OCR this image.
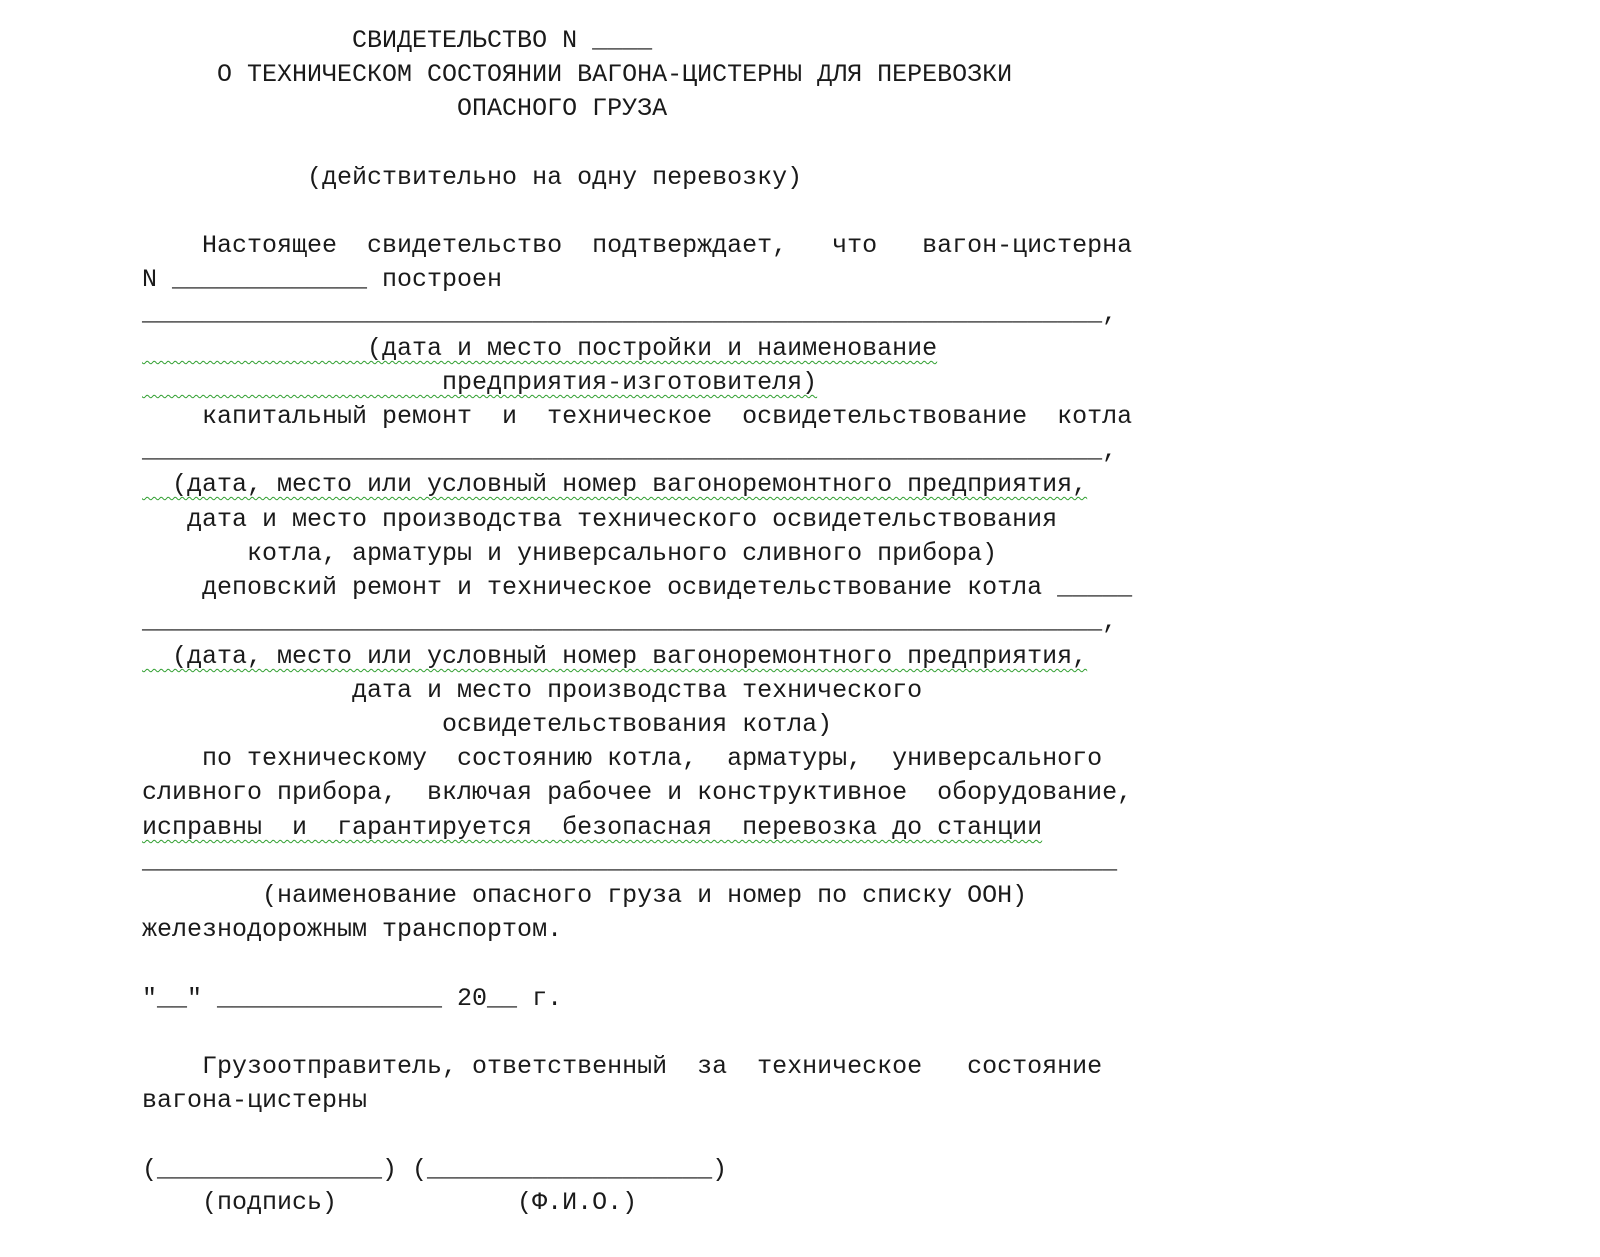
СВИДЕТЕЛЬСТВО N ____

О ТЕХНИЧЕСКОМ СОСТОЯНИИ ВАГОНА-ЦИСТЕРНЫ ДЛЯ ПЕРЕВОЗКИ

ОПАСНОГО ГРУЗА

(действительно на одну перевозку)

Настоящее  свидетельство  подтверждает,   что   вагон-цистерна

N _____________ построен

________________________________________________________________,

(дата и место постройки и наименование

предприятия-изготовителя)

капитальный ремонт  и  техническое  освидетельствование  котла

________________________________________________________________,

(дата, место или условный номер вагоноремонтного предприятия,

дата и место производства технического освидетельствования

котла, арматуры и универсального сливного прибора)

деповский ремонт и техническое освидетельствование котла _____

________________________________________________________________,

(дата, место или условный номер вагоноремонтного предприятия,

дата и место производства технического

освидетельствования котла)

по техническому  состоянию котла,  арматуры,  универсального

сливного прибора,  включая рабочее и конструктивное  оборудование,

исправны  и  гарантируется  безопасная  перевозка до станции

_________________________________________________________________

(наименование опасного груза и номер по списку ООН)

железнодорожным транспортом.

"__" _______________ 20__ г.

Грузоотправитель, ответственный  за  техническое   состояние

вагона-цистерны

(_______________) (___________________)

(подпись)            (Ф.И.О.)
